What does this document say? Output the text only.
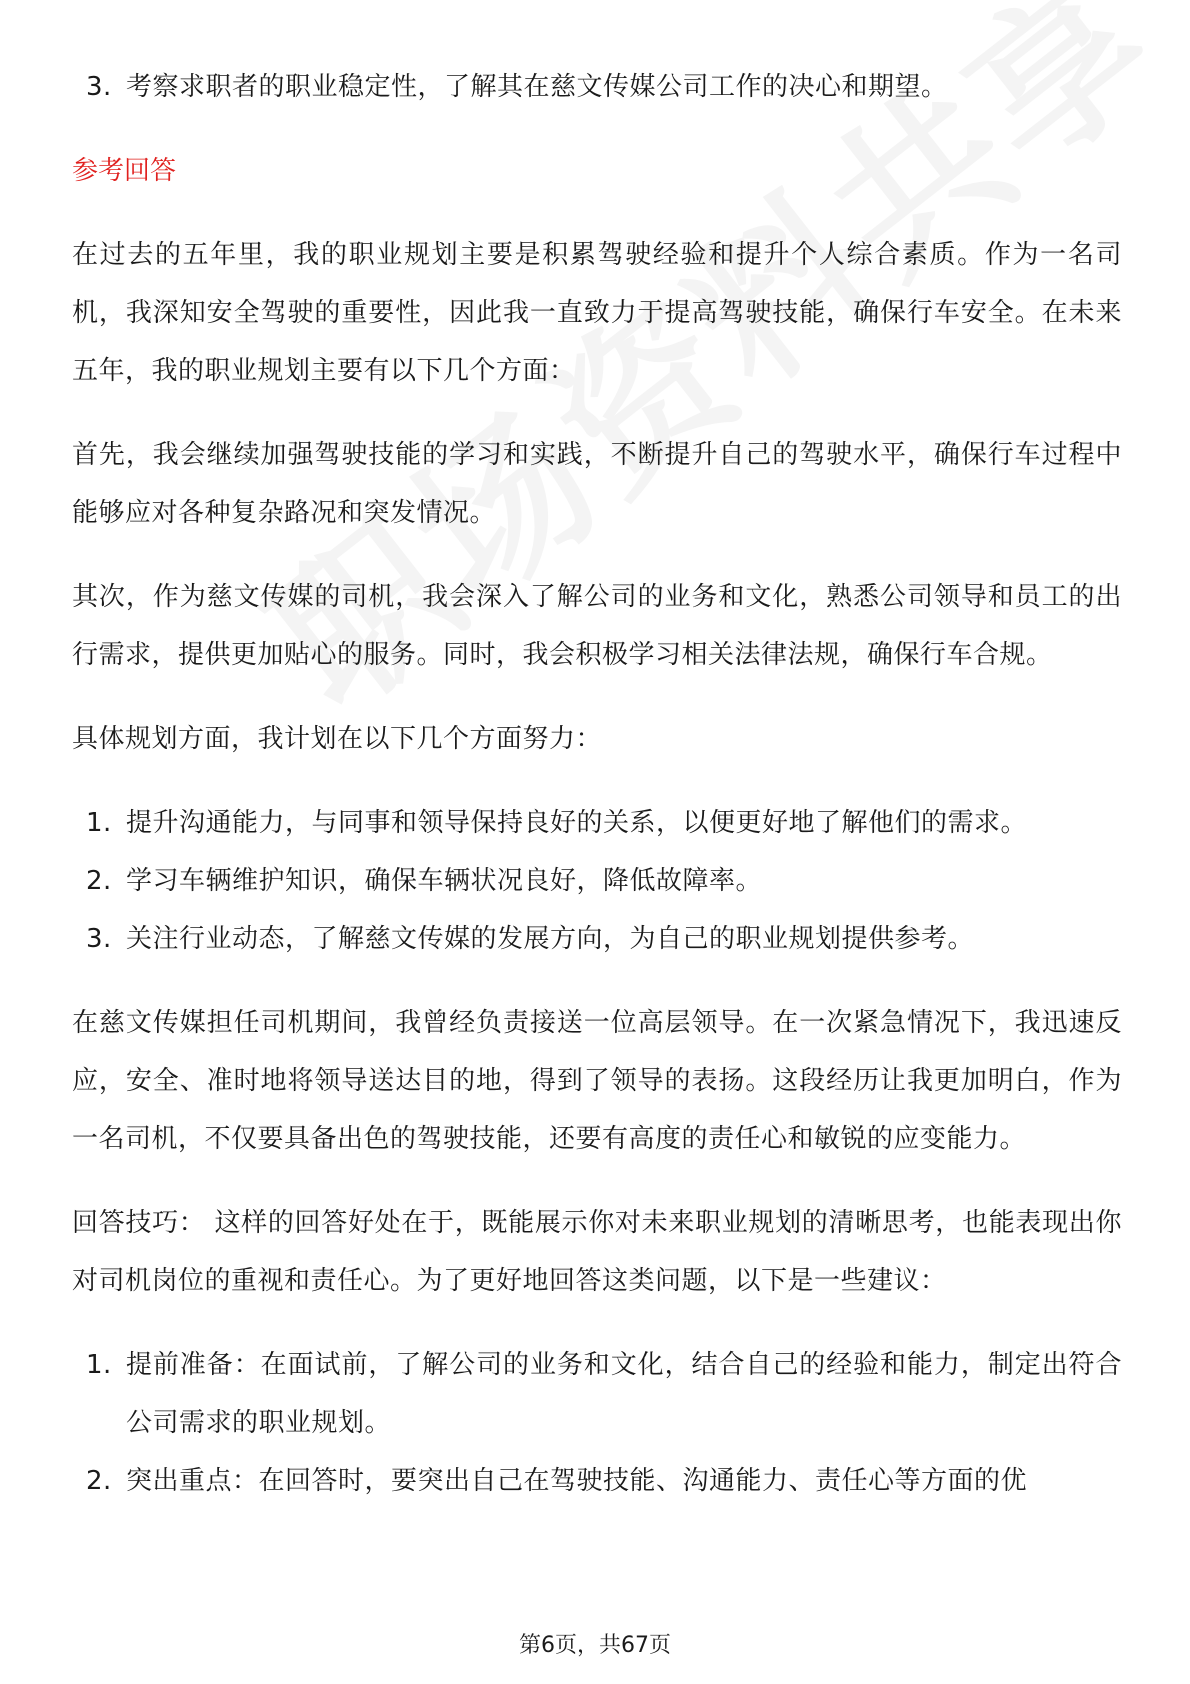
3. 考察求职者的职业稳定性，了解其在慈文传媒公司工作的决心和期望。
参考回答

在过去的五年里，我的职业规划主要是积累驾驶经验和提升个人综合素质。作为一名司机，我深知安全驾驶的重要性，因此我一直致力于提高驾驶技能，确保行车安全。在未来五年，我的职业规划主要有以下几个方面：

首先，我会继续加强驾驶技能的学习和实践，不断提升自己的驾驶水平，确保行车过程中能够应对各种复杂路况和突发情况。

其次，作为慈文传媒的司机，我会深入了解公司的业务和文化，熟悉公司领导和员工的出行需求，提供更加贴心的服务。同时，我会积极学习相关法律法规，确保行车合规。

具体规划方面，我计划在以下几个方面努力：

1. 提升沟通能力，与同事和领导保持良好的关系，以便更好地了解他们的需求。
2. 学习车辆维护知识，确保车辆状况良好，降低故障率。
3. 关注行业动态，了解慈文传媒的发展方向，为自己的职业规划提供参考。

在慈文传媒担任司机期间，我曾经负责接送一位高层领导。在一次紧急情况下，我迅速反应，安全、准时地将领导送达目的地，得到了领导的表扬。这段经历让我更加明白，作为一名司机，不仅要具备出色的驾驶技能，还要有高度的责任心和敏锐的应变能力。

回答技巧： 这样的回答好处在于，既能展示你对未来职业规划的清晰思考，也能表现出你对司机岗位的重视和责任心。为了更好地回答这类问题，以下是一些建议：

1. 提前准备：在面试前，了解公司的业务和文化，结合自己的经验和能力，制定出符合公司需求的职业规划。
2. 突出重点：在回答时，要突出自己在驾驶技能、沟通能力、责任心等方面的优
第6页，共67页
